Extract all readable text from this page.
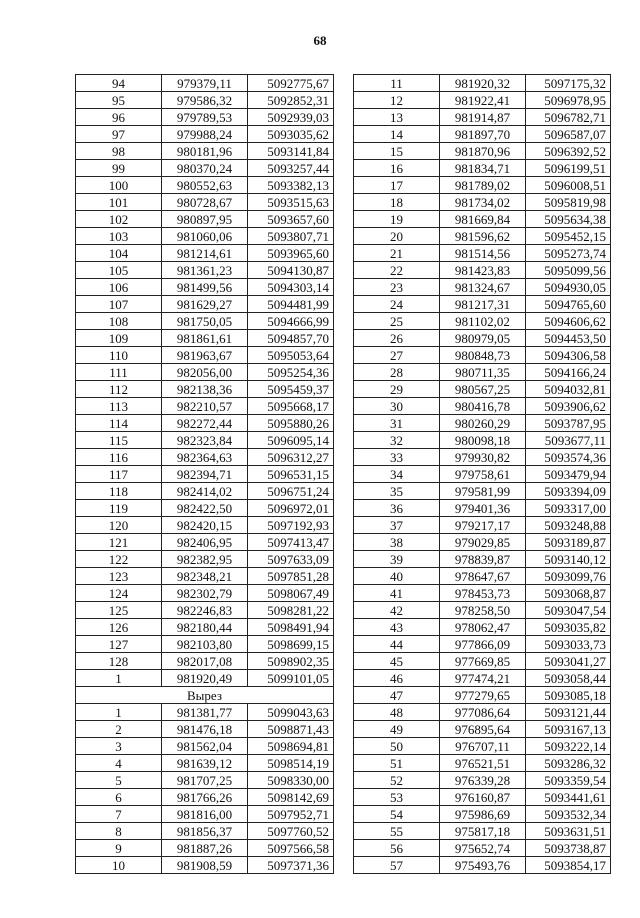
68
94	979379,11	5092775,67
95	979586,32	5092852,31
96	979789,53	5092939,03
97	979988,24	5093035,62
98	980181,96	5093141,84
99	980370,24	5093257,44
100	980552,63	5093382,13
101	980728,67	5093515,63
102	980897,95	5093657,60
103	981060,06	5093807,71
104	981214,61	5093965,60
105	981361,23	5094130,87
106	981499,56	5094303,14
107	981629,27	5094481,99
108	981750,05	5094666,99
109	981861,61	5094857,70
110	981963,67	5095053,64
111	982056,00	5095254,36
112	982138,36	5095459,37
113	982210,57	5095668,17
114	982272,44	5095880,26
115	982323,84	5096095,14
116	982364,63	5096312,27
117	982394,71	5096531,15
118	982414,02	5096751,24
119	982422,50	5096972,01
120	982420,15	5097192,93
121	982406,95	5097413,47
122	982382,95	5097633,09
123	982348,21	5097851,28
124	982302,79	5098067,49
125	982246,83	5098281,22
126	982180,44	5098491,94
127	982103,80	5098699,15
128	982017,08	5098902,35
1	981920,49	5099101,05
Вырез		
1	981381,77	5099043,63
2	981476,18	5098871,43
3	981562,04	5098694,81
4	981639,12	5098514,19
5	981707,25	5098330,00
6	981766,26	5098142,69
7	981816,00	5097952,71
8	981856,37	5097760,52
9	981887,26	5097566,58
10	981908,59	5097371,36
11	981920,32	5097175,32
12	981922,41	5096978,95
13	981914,87	5096782,71
14	981897,70	5096587,07
15	981870,96	5096392,52
16	981834,71	5096199,51
17	981789,02	5096008,51
18	981734,02	5095819,98
19	981669,84	5095634,38
20	981596,62	5095452,15
21	981514,56	5095273,74
22	981423,83	5095099,56
23	981324,67	5094930,05
24	981217,31	5094765,60
25	981102,02	5094606,62
26	980979,05	5094453,50
27	980848,73	5094306,58
28	980711,35	5094166,24
29	980567,25	5094032,81
30	980416,78	5093906,62
31	980260,29	5093787,95
32	980098,18	5093677,11
33	979930,82	5093574,36
34	979758,61	5093479,94
35	979581,99	5093394,09
36	979401,36	5093317,00
37	979217,17	5093248,88
38	979029,85	5093189,87
39	978839,87	5093140,12
40	978647,67	5093099,76
41	978453,73	5093068,87
42	978258,50	5093047,54
43	978062,47	5093035,82
44	977866,09	5093033,73
45	977669,85	5093041,27
46	977474,21	5093058,44
47	977279,65	5093085,18
48	977086,64	5093121,44
49	976895,64	5093167,13
50	976707,11	5093222,14
51	976521,51	5093286,32
52	976339,28	5093359,54
53	976160,87	5093441,61
54	975986,69	5093532,34
55	975817,18	5093631,51
56	975652,74	5093738,87
57	975493,76	5093854,17
